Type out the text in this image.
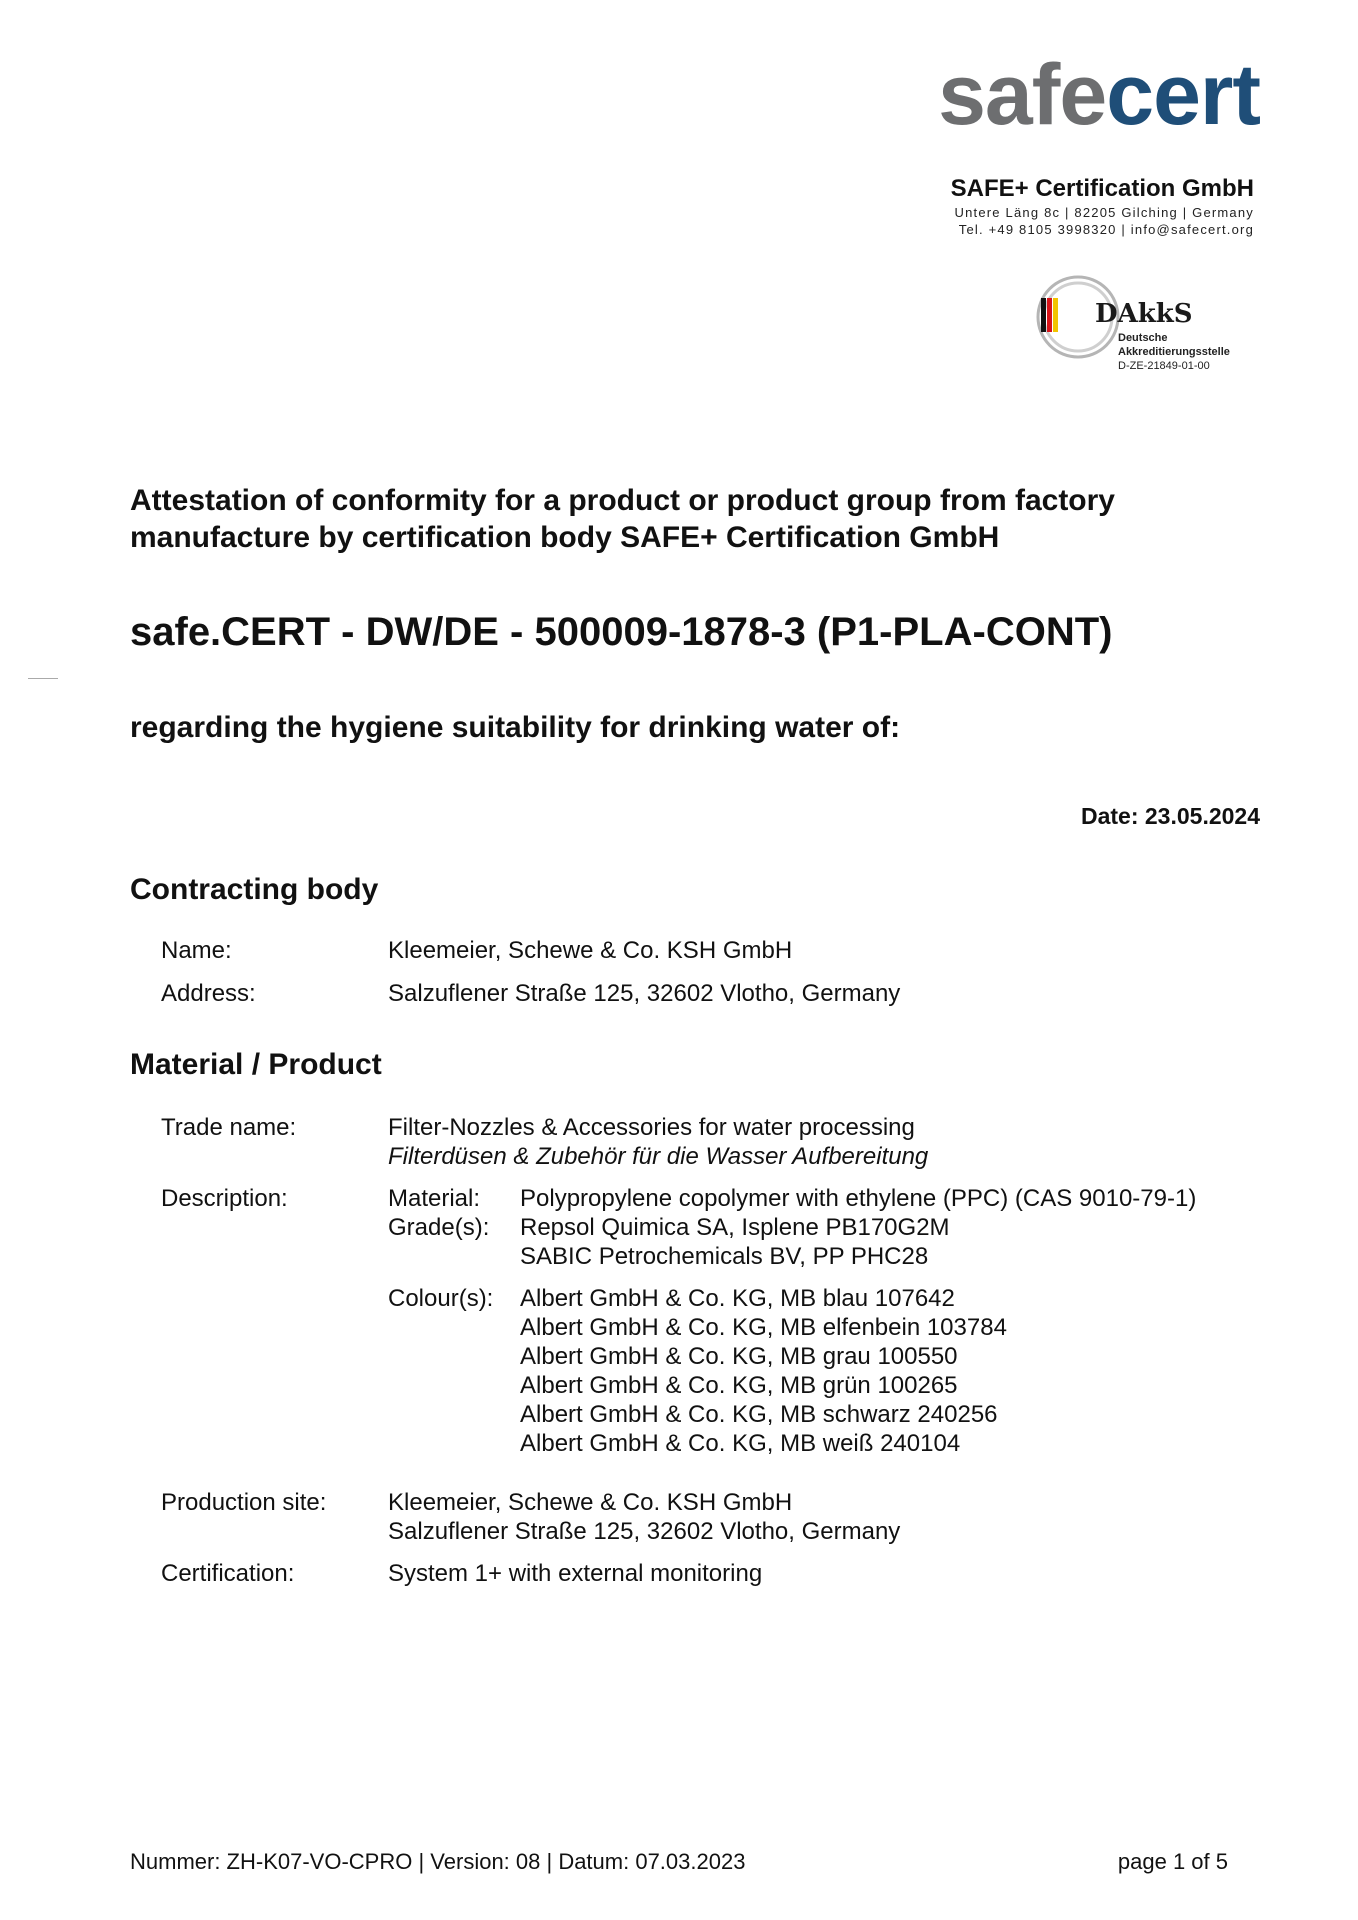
safecert
SAFE+ Certification GmbH
Untere Läng 8c | 82205 Gilching | Germany
Tel. +49 8105 3998320 | info@safecert.org
DAkkS
Deutsche
Akkreditierungsstelle
D-ZE-21849-01-00
Attestation of conformity for a product or product group from factory
manufacture by certification body SAFE+ Certification GmbH
safe.CERT - DW/DE - 500009-1878-3 (P1-PLA-CONT)
regarding the hygiene suitability for drinking water of:
Date: 23.05.2024
Contracting body
Name:	Kleemeier, Schewe & Co. KSH GmbH
Address:	Salzuflener Straße 125, 32602 Vlotho, Germany
Material / Product
Trade name:	Filter-Nozzles & Accessories for water processing
Filterdüsen & Zubehör für die Wasser Aufbereitung
Description:	Material: Polypropylene copolymer with ethylene (PPC) (CAS 9010-79-1)
Grade(s): Repsol Quimica SA, Isplene PB170G2M
SABIC Petrochemicals BV, PP PHC28
Colour(s): Albert GmbH & Co. KG, MB blau 107642
Albert GmbH & Co. KG, MB elfenbein 103784
Albert GmbH & Co. KG, MB grau 100550
Albert GmbH & Co. KG, MB grün 100265
Albert GmbH & Co. KG, MB schwarz 240256
Albert GmbH & Co. KG, MB weiß 240104
Production site:	Kleemeier, Schewe & Co. KSH GmbH
Salzuflener Straße 125, 32602 Vlotho, Germany
Certification:	System 1+ with external monitoring
Nummer: ZH-K07-VO-CPRO | Version: 08 | Datum: 07.03.2023	page 1 of 5
